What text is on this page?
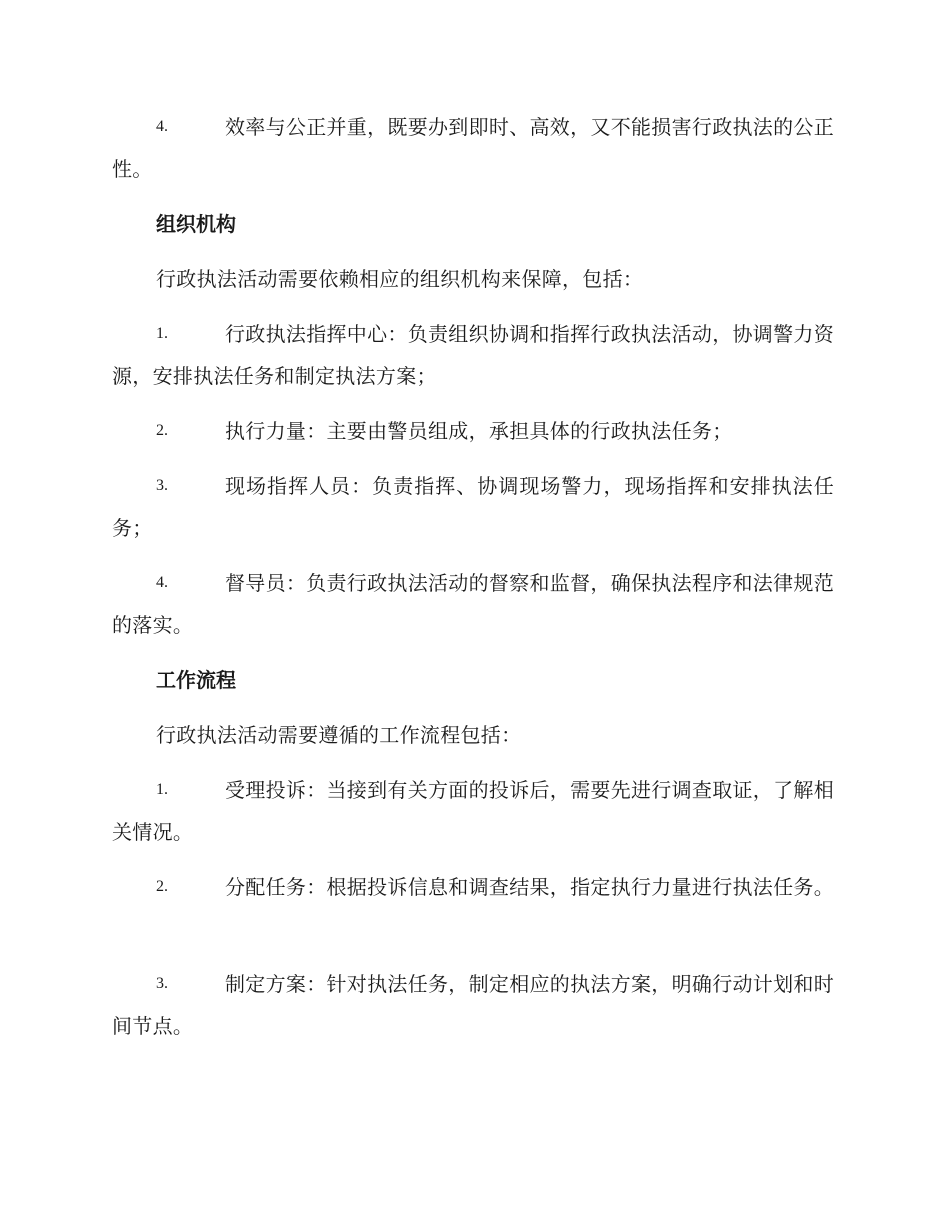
4.	效率与公正并重，既要办到即时、高效，又不能损害行政执法的公正性。
组织机构
行政执法活动需要依赖相应的组织机构来保障，包括：
1.	行政执法指挥中心：负责组织协调和指挥行政执法活动，协调警力资源，安排执法任务和制定执法方案；
2.	执行力量：主要由警员组成，承担具体的行政执法任务；
3.	现场指挥人员：负责指挥、协调现场警力，现场指挥和安排执法任务；
4.	督导员：负责行政执法活动的督察和监督，确保执法程序和法律规范的落实。
工作流程
行政执法活动需要遵循的工作流程包括：
1.	受理投诉：当接到有关方面的投诉后，需要先进行调查取证，了解相关情况。
2.	分配任务：根据投诉信息和调查结果，指定执行力量进行执法任务。
3.	制定方案：针对执法任务，制定相应的执法方案，明确行动计划和时间节点。
